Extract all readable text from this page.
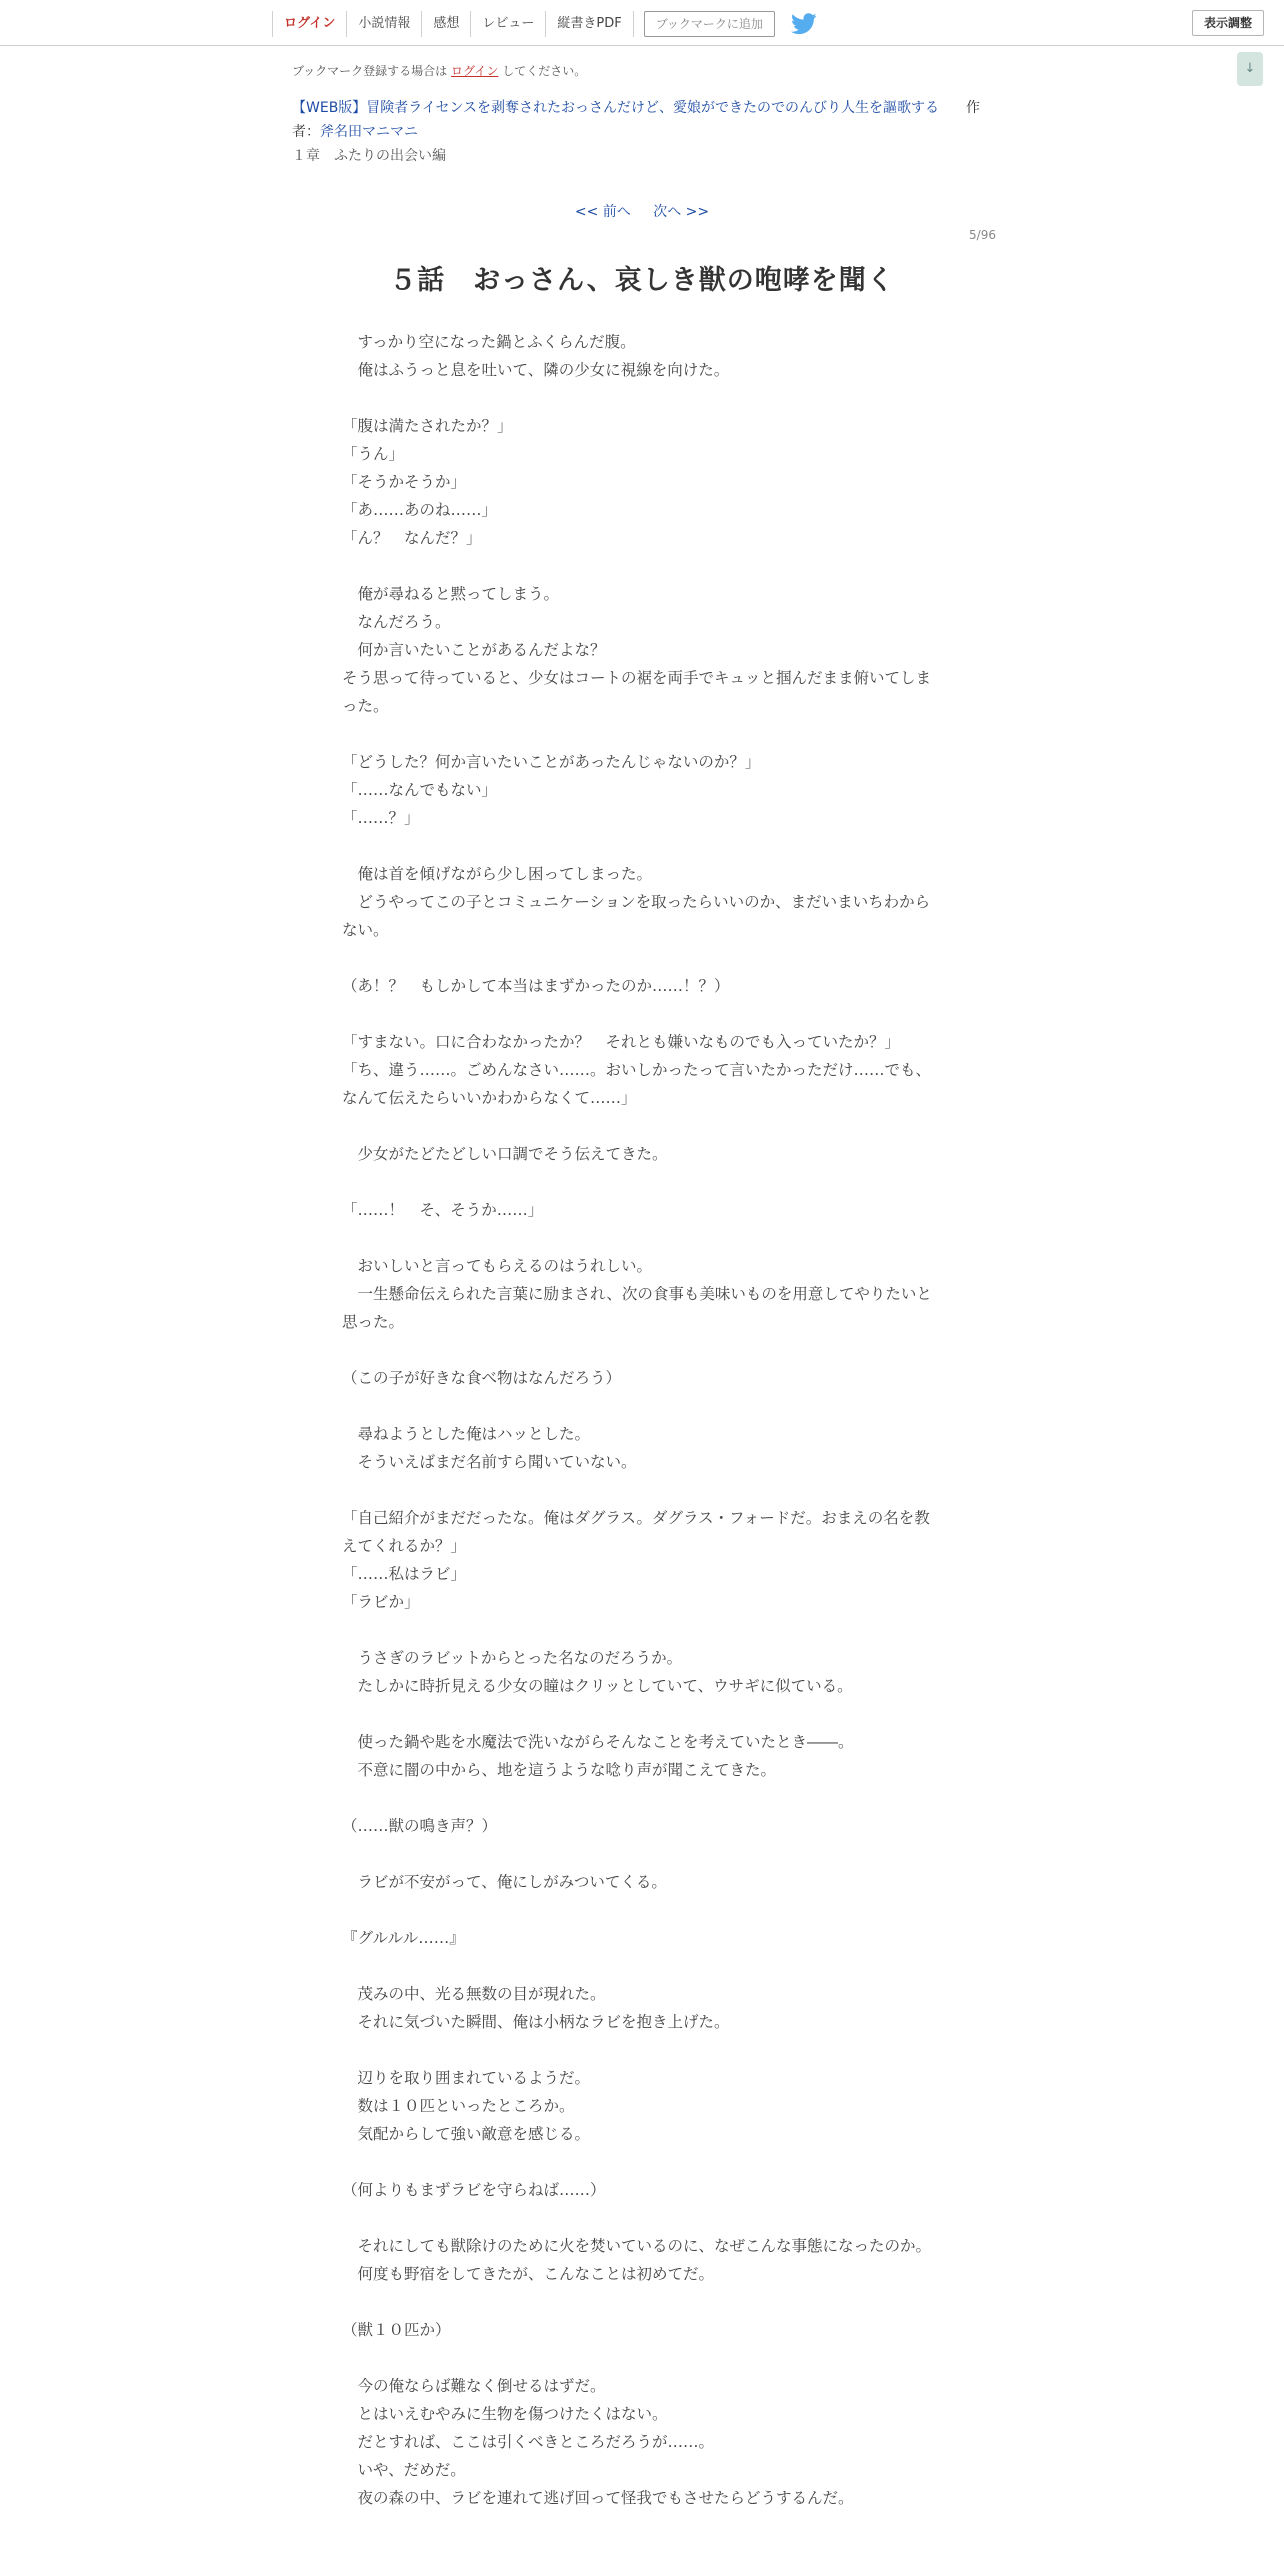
ログイン	小説情報	感想	レビュー	縦書きPDF	ブックマークに追加	表示調整
↓
ブックマーク登録する場合は ログイン してください。
作
【WEB版】冒険者ライセンスを剥奪されたおっさんだけど、愛娘ができたのでのんびり人生を謳歌する
者：斧名田マニマニ
１章　ふたりの出会い編
<< 前へ 次へ >>
5/96
５話　おっさん、哀しき獣の咆哮を聞く

　すっかり空になった鍋とふくらんだ腹。

　俺はふうっと息を吐いて、隣の少女に視線を向けた。

「腹は満たされたか？」

「うん」

「そうかそうか」

「あ……あのね……」

「ん？　なんだ？」

　俺が尋ねると黙ってしまう。

　なんだろう。

　何か言いたいことがあるんだよな？

そう思って待っていると、少女はコートの裾を両手でキュッと掴んだまま俯いてしまった。

「どうした？何か言いたいことがあったんじゃないのか？」

「……なんでもない」

「……？」

　俺は首を傾げながら少し困ってしまった。

　どうやってこの子とコミュニケーションを取ったらいいのか、まだいまいちわからない。

（あ！？　もしかして本当はまずかったのか……！？）

「すまない。口に合わなかったか？　それとも嫌いなものでも入っていたか？」

「ち、違う……。ごめんなさい……。おいしかったって言いたかっただけ……でも、なんて伝えたらいいかわからなくて……」

　少女がたどたどしい口調でそう伝えてきた。

「……！　そ、そうか……」

　おいしいと言ってもらえるのはうれしい。

　一生懸命伝えられた言葉に励まされ、次の食事も美味いものを用意してやりたいと思った。

（この子が好きな食べ物はなんだろう）

　尋ねようとした俺はハッとした。

　そういえばまだ名前すら聞いていない。

「自己紹介がまだだったな。俺はダグラス。ダグラス・フォードだ。おまえの名を教えてくれるか？」

「……私はラビ」

「ラビか」

　うさぎのラビットからとった名なのだろうか。

　たしかに時折見える少女の瞳はクリッとしていて、ウサギに似ている。

　使った鍋や匙を水魔法で洗いながらそんなことを考えていたとき――。

　不意に闇の中から、地を這うような唸り声が聞こえてきた。

（……獣の鳴き声？）

　ラビが不安がって、俺にしがみついてくる。

『グルルル……』

　茂みの中、光る無数の目が現れた。

　それに気づいた瞬間、俺は小柄なラビを抱き上げた。

　辺りを取り囲まれているようだ。

　数は１０匹といったところか。

　気配からして強い敵意を感じる。

（何よりもまずラビを守らねば……）

　それにしても獣除けのために火を焚いているのに、なぜこんな事態になったのか。

　何度も野宿をしてきたが、こんなことは初めてだ。

（獣１０匹か）

　今の俺ならば難なく倒せるはずだ。

　とはいえむやみに生物を傷つけたくはない。

　だとすれば、ここは引くべきところだろうが……。

　いや、だめだ。

　夜の森の中、ラビを連れて逃げ回って怪我でもさせたらどうするんだ。
